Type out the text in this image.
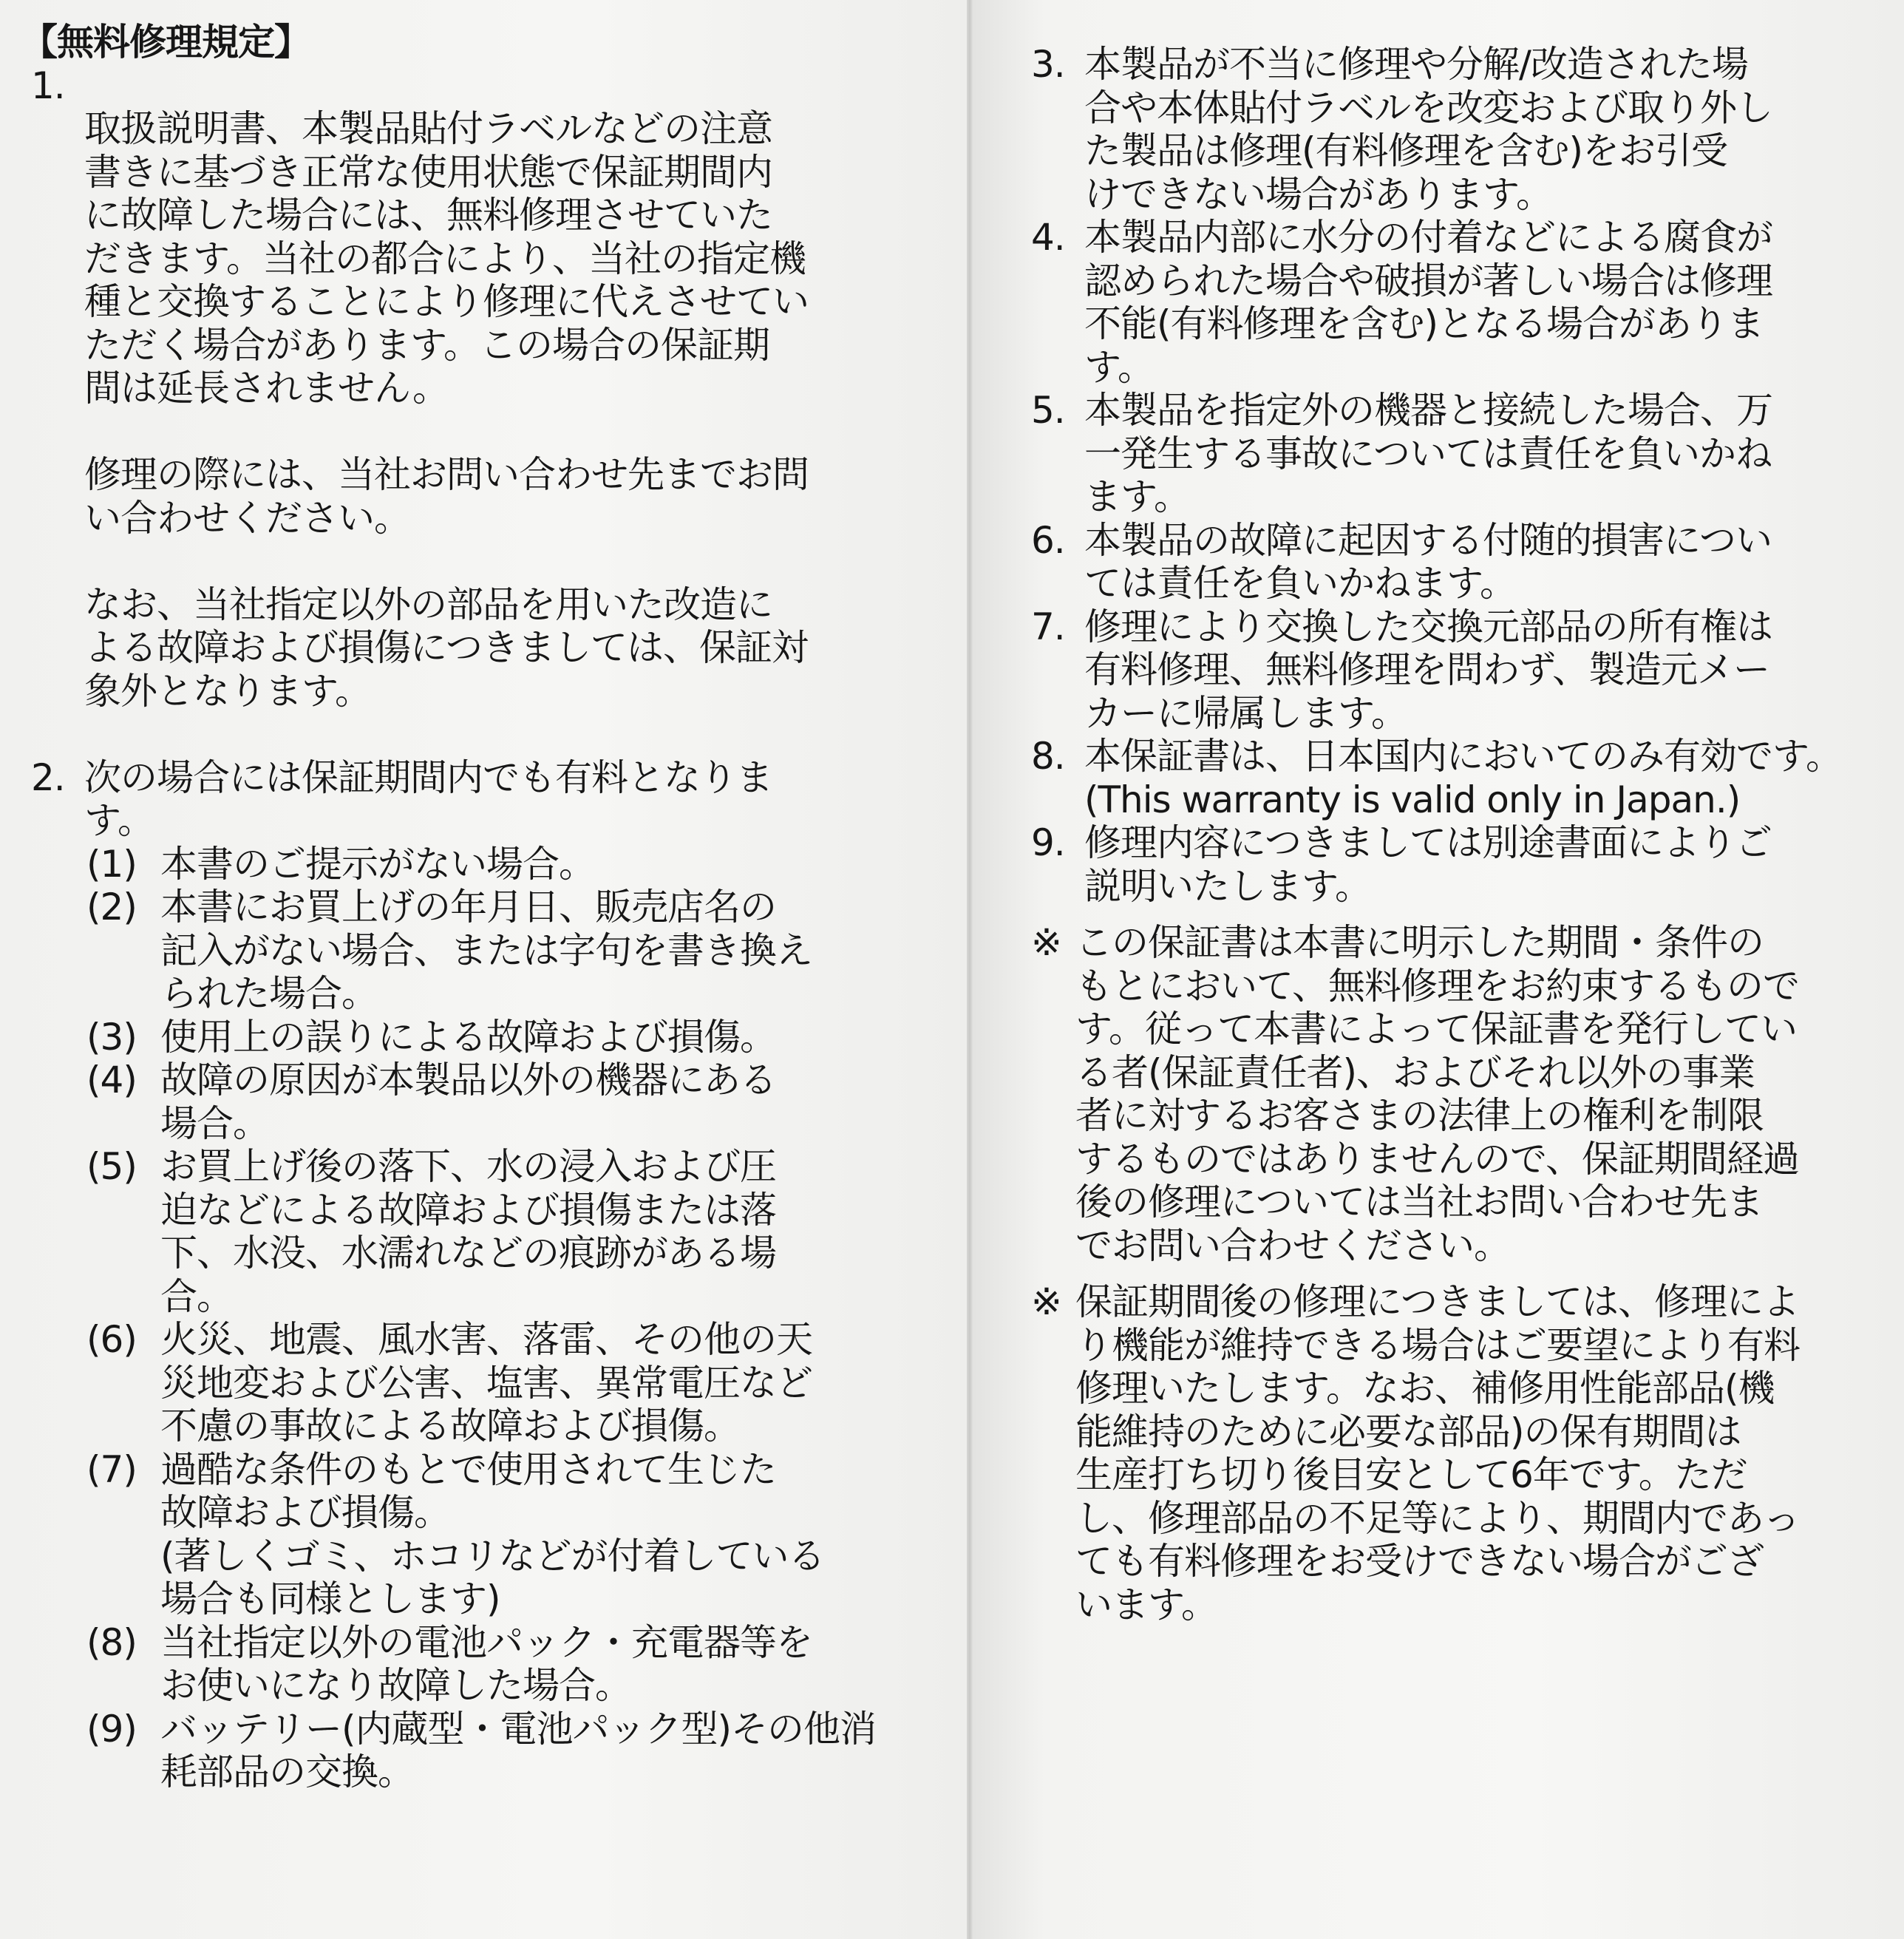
【無料修理規定】
1.

取扱説明書、本製品貼付ラベルなどの注意
書きに基づき正常な使用状態で保証期間内
に故障した場合には、無料修理させていた
だきます。当社の都合により、当社の指定機
種と交換することにより修理に代えさせてい
ただく場合があります。この場合の保証期
間は延長されません。

修理の際には、当社お問い合わせ先までお問
い合わせください。

なお、当社指定以外の部品を用いた改造に
よる故障および損傷につきましては、保証対
象外となります。

2. 次の場合には保証期間内でも有料となりま
す。
(1) 本書のご提示がない場合。
(2) 本書にお買上げの年月日、販売店名の
記入がない場合、または字句を書き換え
られた場合。
(3) 使用上の誤りによる故障および損傷。
(4) 故障の原因が本製品以外の機器にある
場合。
(5) お買上げ後の落下、水の浸入および圧
迫などによる故障および損傷または落
下、水没、水濡れなどの痕跡がある場
合。
(6) 火災、地震、風水害、落雷、その他の天
災地変および公害、塩害、異常電圧など
不慮の事故による故障および損傷。
(7) 過酷な条件のもとで使用されて生じた
故障および損傷。
(著しくゴミ、ホコリなどが付着している
場合も同様とします)
(8) 当社指定以外の電池パック・充電器等を
お使いになり故障した場合。
(9) バッテリー(内蔵型・電池パック型)その他消
耗部品の交換。
3. 本製品が不当に修理や分解/改造された場
合や本体貼付ラベルを改変および取り外し
た製品は修理(有料修理を含む)をお引受
けできない場合があります。
4. 本製品内部に水分の付着などによる腐食が
認められた場合や破損が著しい場合は修理
不能(有料修理を含む)となる場合がありま
す。
5. 本製品を指定外の機器と接続した場合、万
一発生する事故については責任を負いかね
ます。
6. 本製品の故障に起因する付随的損害につい
ては責任を負いかねます。
7. 修理により交換した交換元部品の所有権は
有料修理、無料修理を問わず、製造元メー
カーに帰属します。
8. 本保証書は、日本国内においてのみ有効です。
(This warranty is valid only in Japan.)
9. 修理内容につきましては別途書面によりご
説明いたします。
※ この保証書は本書に明示した期間・条件の
もとにおいて、無料修理をお約束するもので
す。従って本書によって保証書を発行してい
る者(保証責任者)、およびそれ以外の事業
者に対するお客さまの法律上の権利を制限
するものではありませんので、保証期間経過
後の修理については当社お問い合わせ先ま
でお問い合わせください。
※ 保証期間後の修理につきましては、修理によ
り機能が維持できる場合はご要望により有料
修理いたします。なお、補修用性能部品(機
能維持のために必要な部品)の保有期間は
生産打ち切り後目安として6年です。ただ
し、修理部品の不足等により、期間内であっ
ても有料修理をお受けできない場合がござ
います。
